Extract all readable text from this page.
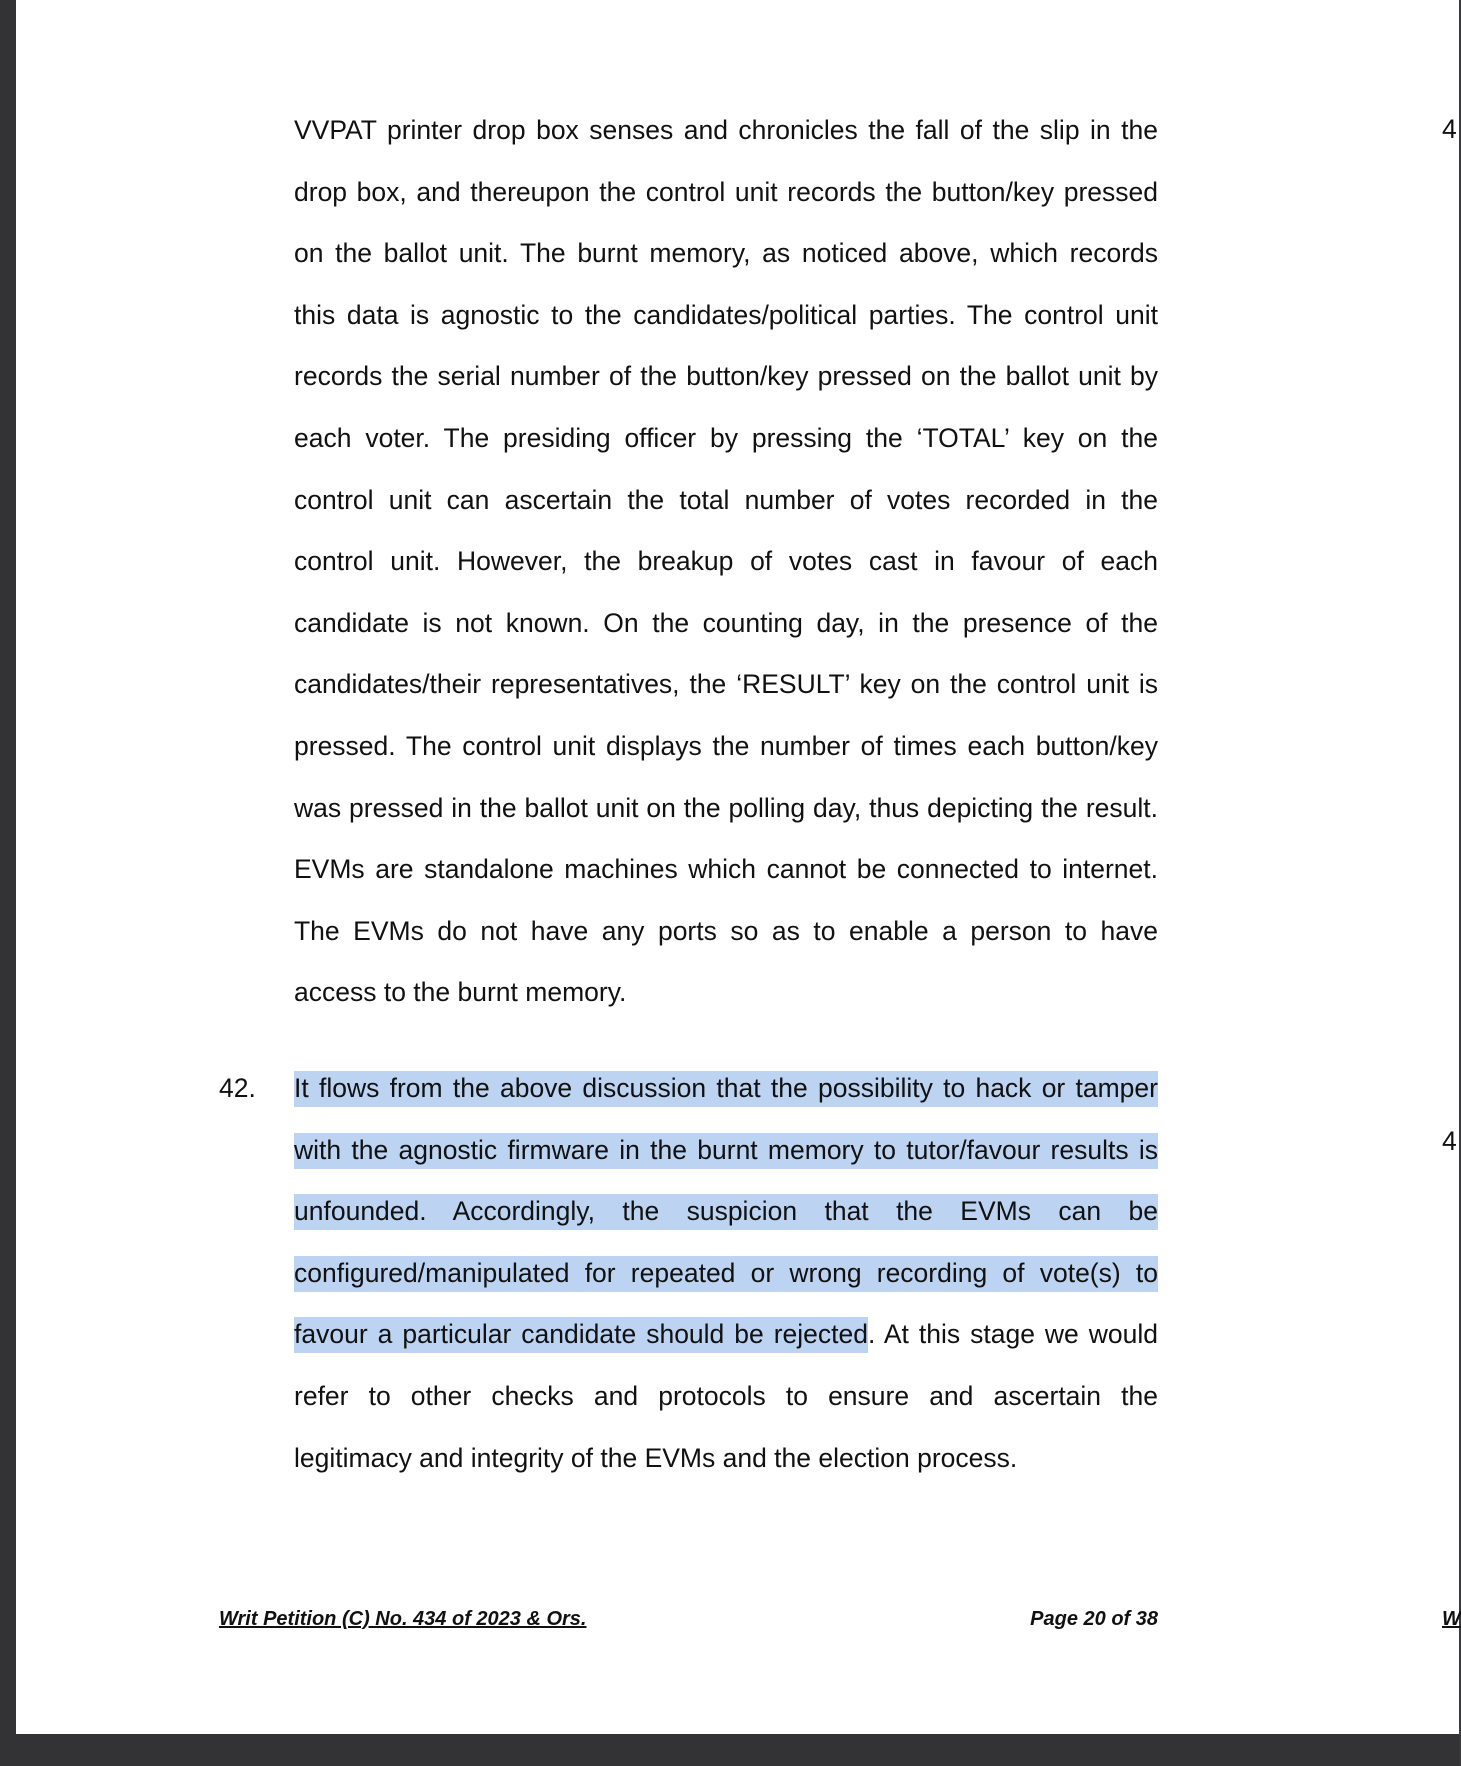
VVPAT printer drop box senses and chronicles the fall of the slip in the
drop box, and thereupon the control unit records the button/key pressed
on the ballot unit. The burnt memory, as noticed above, which records
this data is agnostic to the candidates/political parties. The control unit
records the serial number of the button/key pressed on the ballot unit by
each voter. The presiding officer by pressing the ‘TOTAL’ key on the
control unit can ascertain the total number of votes recorded in the
control unit. However, the breakup of votes cast in favour of each
candidate is not known. On the counting day, in the presence of the
candidates/their representatives, the ‘RESULT’ key on the control unit is
pressed. The control unit displays the number of times each button/key
was pressed in the ballot unit on the polling day, thus depicting the result.
EVMs are standalone machines which cannot be connected to internet.
The EVMs do not have any ports so as to enable a person to have
access to the burnt memory.
42. It flows from the above discussion that the possibility to hack or tamper
with the agnostic firmware in the burnt memory to tutor/favour results is
unfounded. Accordingly, the suspicion that the EVMs can be
configured/manipulated for repeated or wrong recording of vote(s) to
favour a particular candidate should be rejected. At this stage we would
refer to other checks and protocols to ensure and ascertain the
legitimacy and integrity of the EVMs and the election process.
Writ Petition (C) No. 434 of 2023 & Ors.	Page 20 of 38
4
4
W
